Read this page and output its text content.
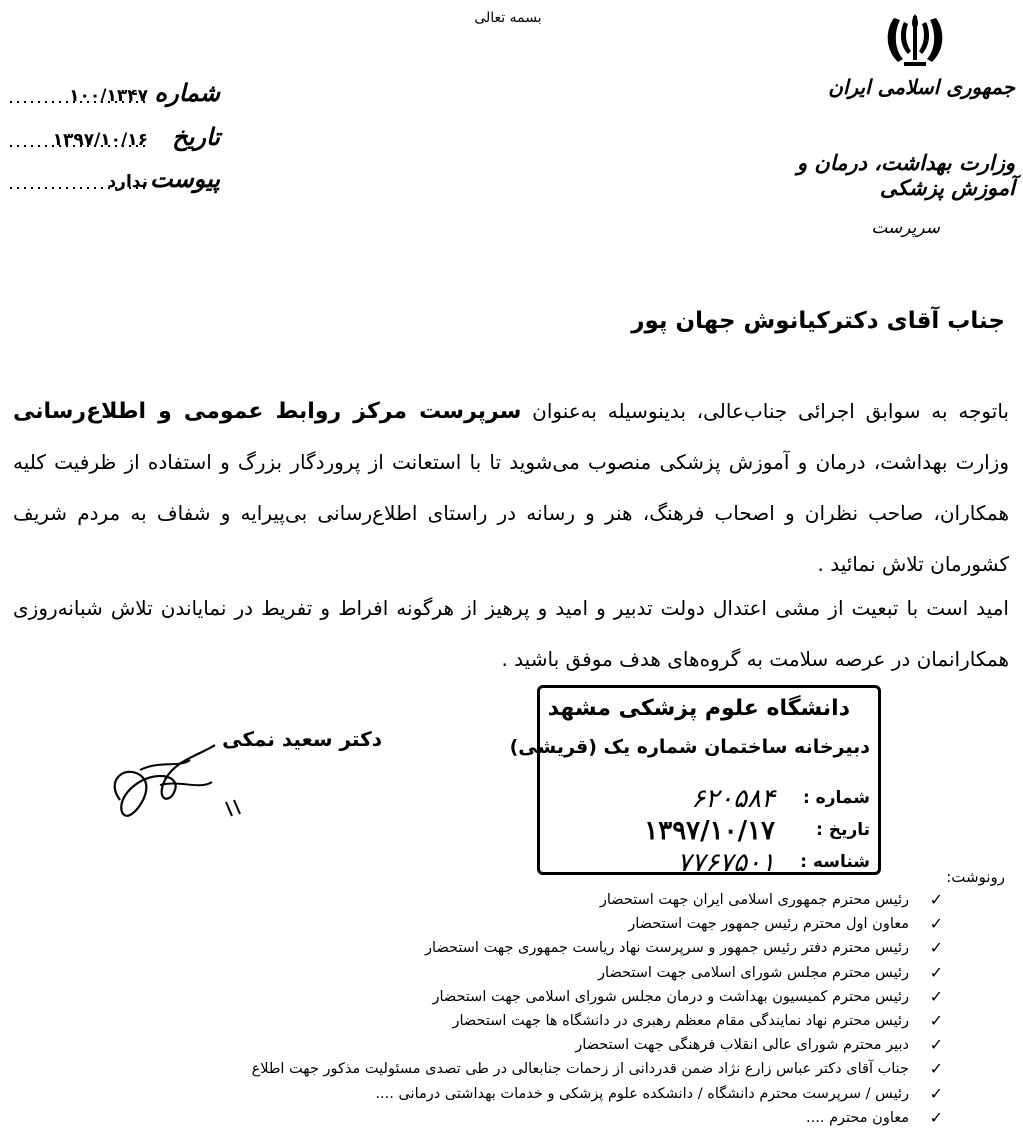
بسمه تعالی
جمهوری اسلامی ایران
وزارت بهداشت، درمان و آموزش پزشکی
سرپرست
شماره
۱۰۰/۱۳۴۷
تاریخ
۱۳۹۷/۱۰/۱۶
پیوست
ندارد
جناب آقای دکترکیانوش جهان پور
باتوجه به سوابق اجرائی جناب‌عالی، بدینوسیله به‌عنوان سرپرست مرکز روابط عمومی و اطلاع‌رسانی وزارت بهداشت، درمان و آموزش پزشکی منصوب می‌شوید تا با استعانت از پروردگار بزرگ و استفاده از ظرفیت کلیه همکاران، صاحب نظران و اصحاب فرهنگ، هنر و رسانه در راستای اطلاع‌رسانی بی‌پیرایه و شفاف به مردم شریف کشورمان تلاش نمائید .
امید است با تبعیت از مشی اعتدال دولت تدبیر و امید و پرهیز از هرگونه افراط و تفریط در نمایاندن تلاش شبانه‌روزی همکارانمان در عرصه سلامت به گروه‌های هدف موفق باشید .
دکتر سعید نمکی
دانشگاه علوم پزشکی مشهد
دبیرخانه ساختمان شماره یک (قریشی)
شماره :
۶۲۰۵۸۴
تاریخ :
۱۳۹۷/۱۰/۱۷
شناسه :
۷۷۶۷۵۰۱	رونوشت:
✓
رئیس محترم جمهوری اسلامی ایران جهت استحضار
✓
معاون اول محترم رئیس جمهور جهت استحضار
✓
رئیس محترم دفتر رئیس جمهور و سرپرست نهاد ریاست جمهوری جهت استحضار
✓
رئیس محترم مجلس شورای اسلامی جهت استحضار
✓
رئیس محترم کمیسیون بهداشت و درمان مجلس شورای اسلامی جهت استحضار
✓
رئیس محترم نهاد نمایندگی مقام معظم رهبری در دانشگاه ها جهت استحضار
✓
دبیر محترم شورای عالی انقلاب فرهنگی جهت استحضار
✓
جناب آقای دکتر عباس زارع نژاد ضمن قدردانی از زحمات جنابعالی در طی تصدی مسئولیت مذکور جهت اطلاع
✓
رئیس / سرپرست محترم دانشگاه / دانشکده علوم پزشکی و خدمات بهداشتی درمانی ....
✓
معاون محترم ....
